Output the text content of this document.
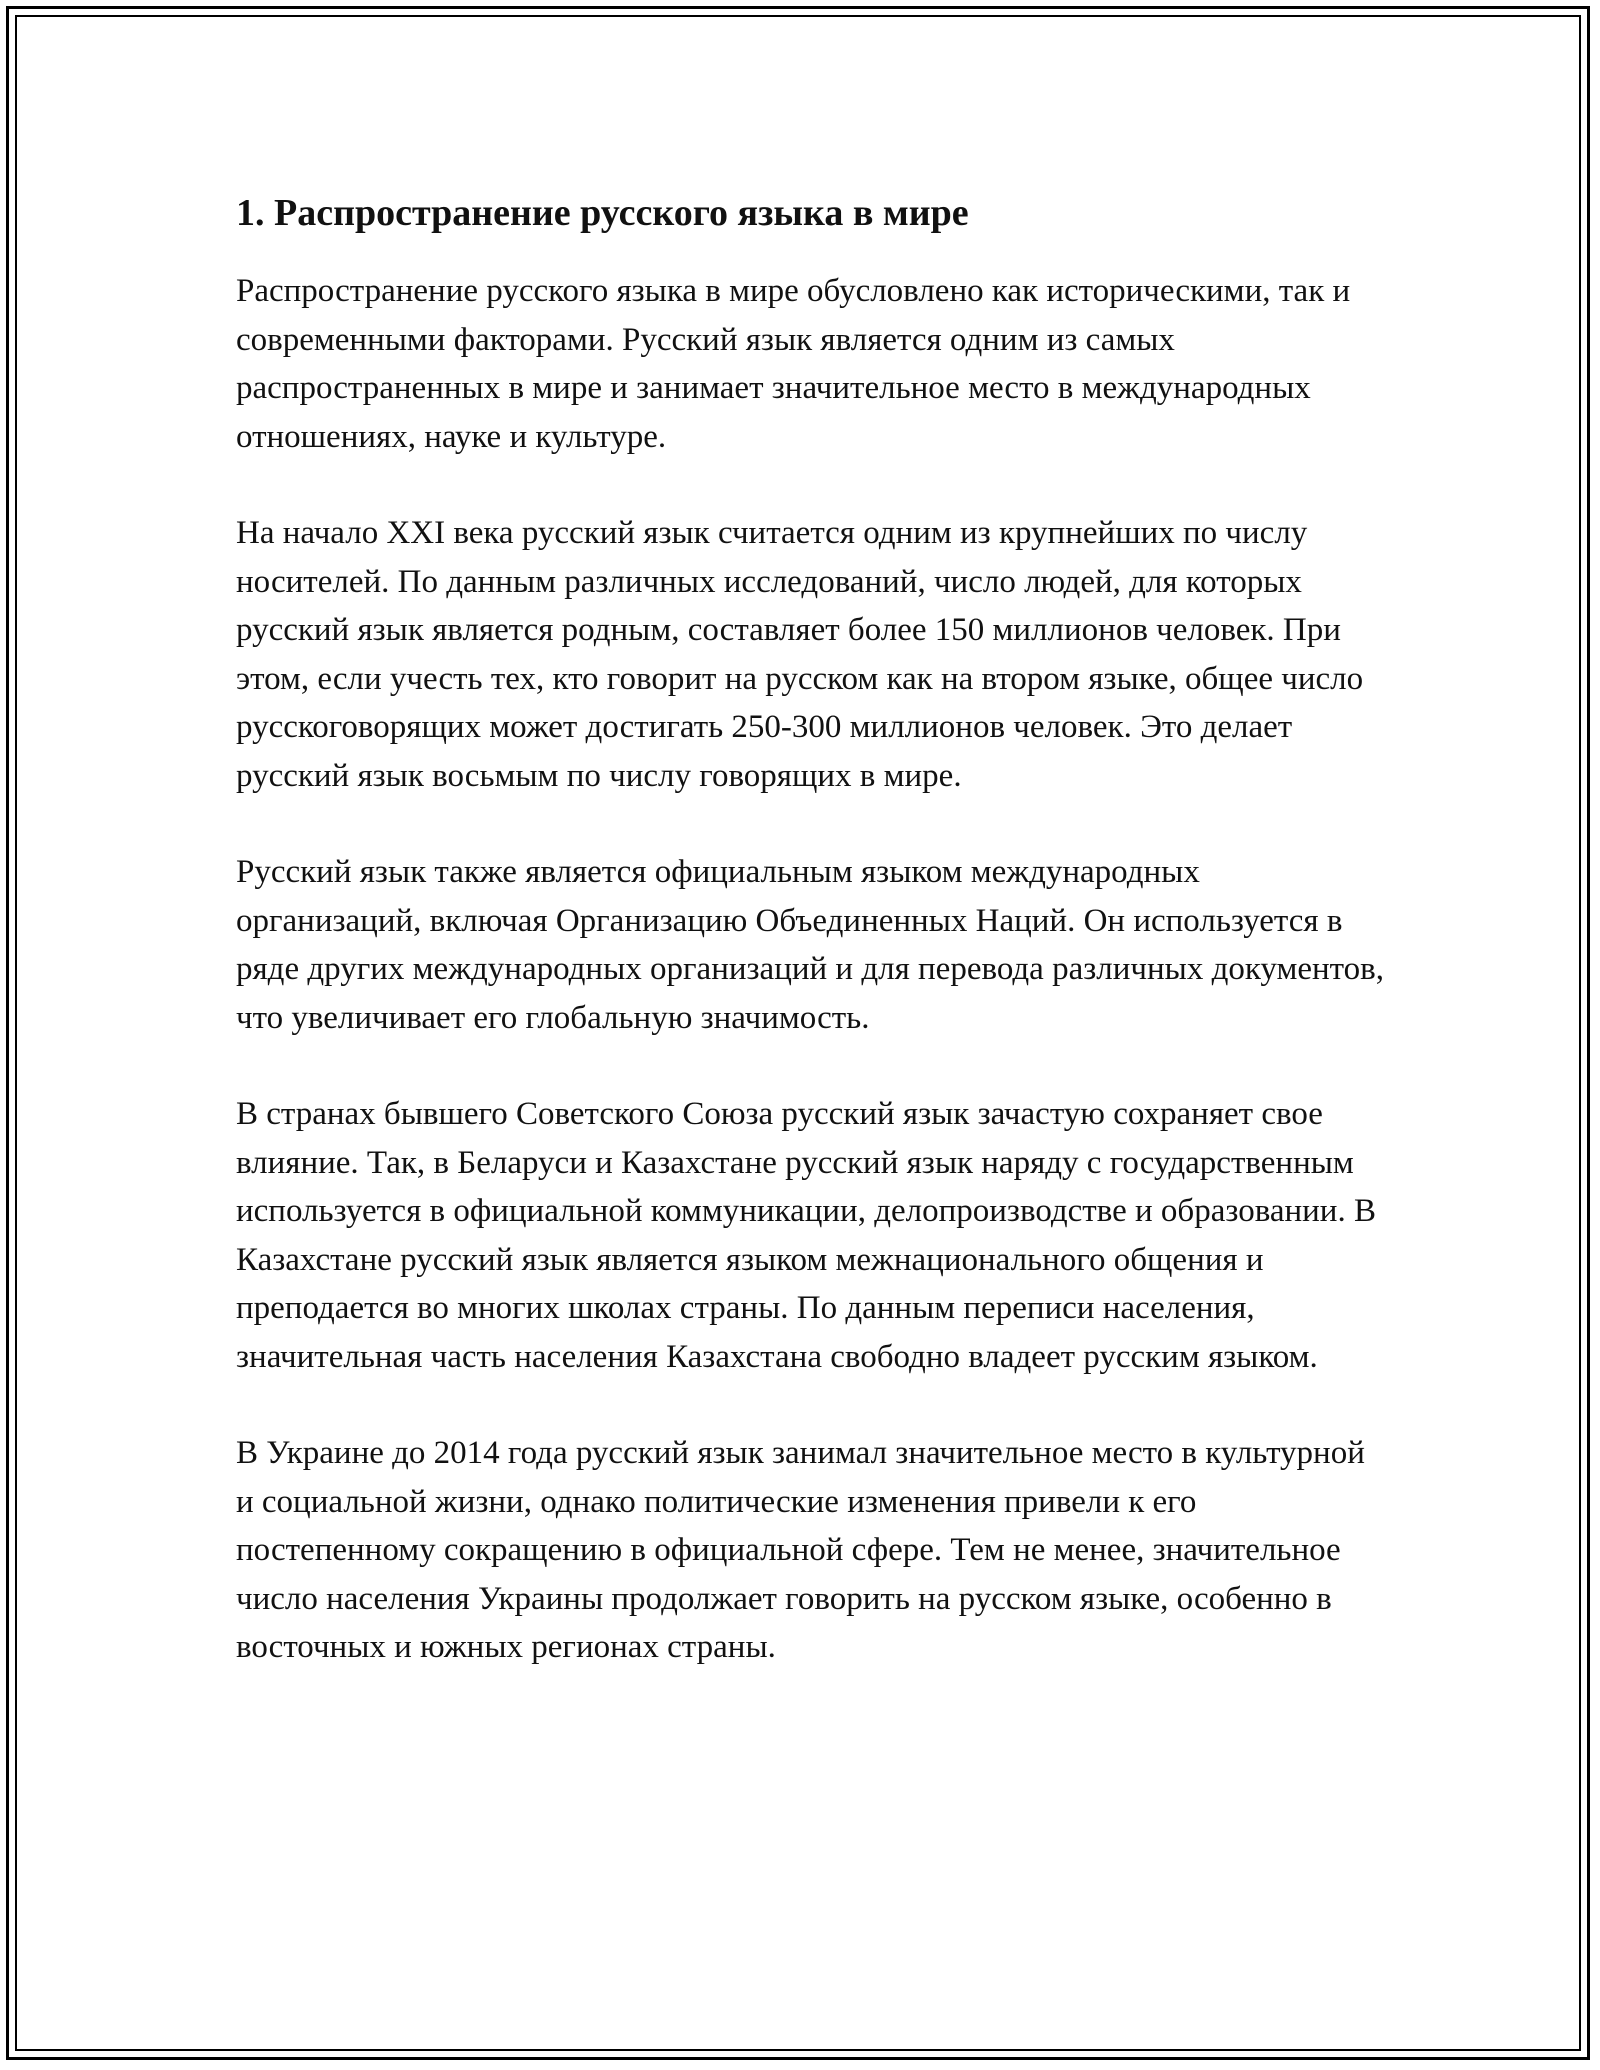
1. Распространение русского языка в мире

Распространение русского языка в мире обусловлено как историческими, так и современными факторами. Русский язык является одним из самых распространенных в мире и занимает значительное место в международных отношениях, науке и культуре.

На начало XXI века русский язык считается одним из крупнейших по числу носителей. По данным различных исследований, число людей, для которых русский язык является родным, составляет более 150 миллионов человек. При этом, если учесть тех, кто говорит на русском как на втором языке, общее число русскоговорящих может достигать 250-300 миллионов человек. Это делает русский язык восьмым по числу говорящих в мире.

Русский язык также является официальным языком международных организаций, включая Организацию Объединенных Наций. Он используется в ряде других международных организаций и для перевода различных документов, что увеличивает его глобальную значимость.

В странах бывшего Советского Союза русский язык зачастую сохраняет свое влияние. Так, в Беларуси и Казахстане русский язык наряду с государственным используется в официальной коммуникации, делопроизводстве и образовании. В Казахстане русский язык является языком межнационального общения и преподается во многих школах страны. По данным переписи населения, значительная часть населения Казахстана свободно владеет русским языком.

В Украине до 2014 года русский язык занимал значительное место в культурной и социальной жизни, однако политические изменения привели к его постепенному сокращению в официальной сфере. Тем не менее, значительное число населения Украины продолжает говорить на русском языке, особенно в восточных и южных регионах страны.
